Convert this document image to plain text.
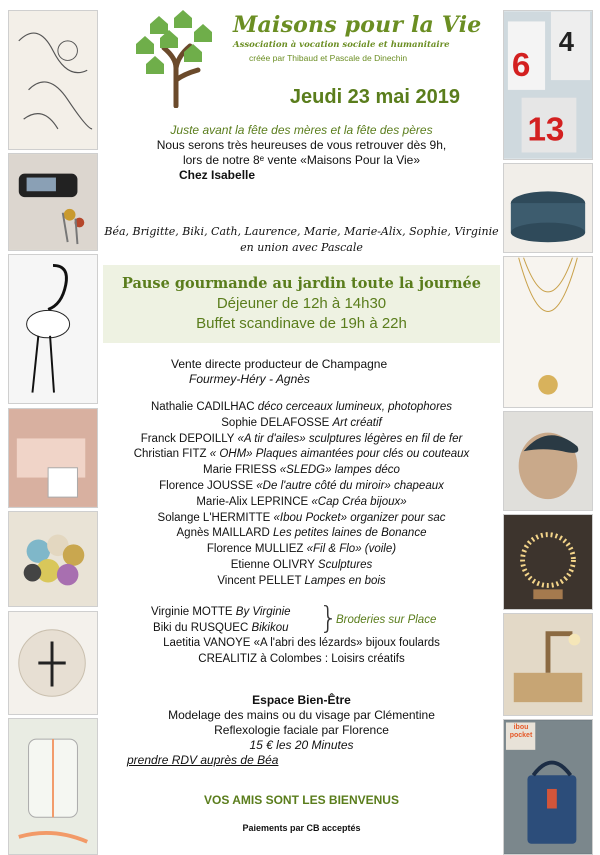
6
4
13
ibou pocket
Maisons pour la Vie
Association à vocation sociale et humanitaire
créée par Thibaud et Pascale de Dinechin
Jeudi 23 mai 2019
Juste avant la fête des mères et la fête des pères
Nous serons très heureuses de vous retrouver dès 9h,
lors de notre 8ᵉ vente «Maisons Pour la Vie»
Chez Isabelle
Béa, Brigitte, Biki, Cath, Laurence, Marie, Marie-Alix, Sophie, Virginie
en union avec Pascale
Pause gourmande au jardin toute la journée
Déjeuner de 12h à 14h30
Buffet scandinave de 19h à 22h
Vente directe producteur de Champagne
Fourmey-Héry - Agnès
Nathalie CADILHAC déco cerceaux lumineux, photophores
Sophie DELAFOSSE Art créatif
Franck DEPOILLY «A tir d'ailes» sculptures légères en fil de fer
Christian FITZ « OHM» Plaques aimantées pour clés ou couteaux
Marie FRIESS «SLEDG» lampes déco
Florence JOUSSE «De l'autre côté du miroir» chapeaux
Marie-Alix LEPRINCE «Cap Créa bijoux»
Solange L'HERMITTE «Ibou Pocket» organizer pour sac
Agnès MAILLARD Les petites laines de Bonance
Florence MULLIEZ «Fil & Flo» (voile)
Etienne OLIVRY Sculptures
Vincent PELLET Lampes en bois
Virginie MOTTE By Virginie
Biki du RUSQUEC Bikikou }
Broderies sur Place
Laetitia VANOYE «A l'abri des lézards» bijoux foulards
CREALITIZ à Colombes : Loisirs créatifs
Espace Bien-Être
Modelage des mains ou du visage par Clémentine
Reflexologie faciale par Florence
15 € les 20 Minutes
prendre RDV auprès de Béa
VOS AMIS SONT LES BIENVENUS
Paiements par CB acceptés
